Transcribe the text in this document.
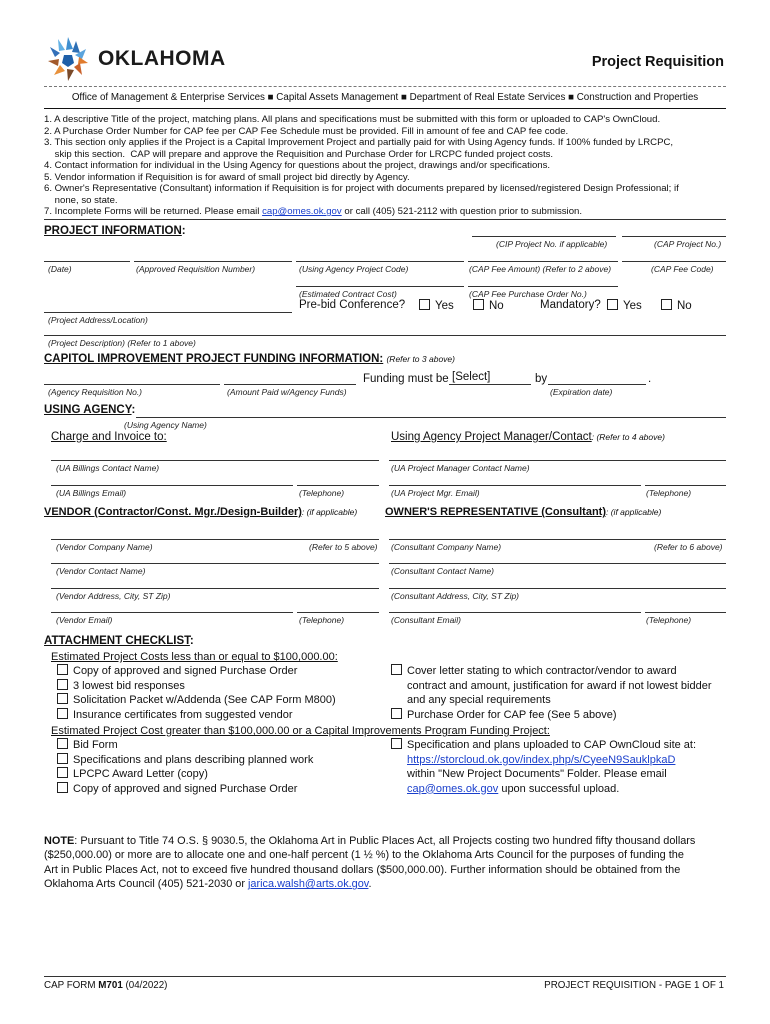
OKLAHOMA	Project Requisition
Office of Management & Enterprise Services ■ Capital Assets Management ■ Department of Real Estate Services ■ Construction and Properties
1. A descriptive Title of the project, matching plans. All plans and specifications must be submitted with this form or uploaded to CAP's OwnCloud.
2. A Purchase Order Number for CAP fee per CAP Fee Schedule must be provided. Fill in amount of fee and CAP fee code.
3. This section only applies if the Project is a Capital Improvement Project and partially paid for with Using Agency funds. If 100% funded by LRCPC,
skip this section.  CAP will prepare and approve the Requisition and Purchase Order for LRCPC funded project costs.
4. Contact information for individual in the Using Agency for questions about the project, drawings and/or specifications.
5. Vendor information if Requisition is for award of small project bid directly by Agency.
6. Owner's Representative (Consultant) information if Requisition is for project with documents prepared by licensed/registered Design Professional; if
none, so state.
7. Incomplete Forms will be returned. Please email cap@omes.ok.gov or call (405) 521-2112 with question prior to submission.
PROJECT INFORMATION:
(CIP Project No. if applicable)	(CAP Project No.)
(Date)	(Approved Requisition Number)	(Using Agency Project Code)	(CAP Fee Amount) (Refer to 2 above)	(CAP Fee Code)
(Estimated Contract Cost)	(CAP Fee Purchase Order No.)
Pre-bid Conference?	Yes	No	Mandatory?	Yes	No
(Project Address/Location)
(Project Description) (Refer to 1 above)
CAPITOL IMPROVEMENT PROJECT FUNDING INFORMATION: (Refer to 3 above)
(Agency Requisition No.)	(Amount Paid w/Agency Funds)
Funding must be [Select]	by	.
(Expiration date)
USING AGENCY:
(Using Agency Name)
Charge and Invoice to:	Using Agency Project Manager/Contact: (Refer to 4 above)
(UA Billings Contact Name)	(UA Project Manager Contact Name)
(UA Billings Email)	(Telephone)	(UA Project Mgr. Email)	(Telephone)
VENDOR (Contractor/Const. Mgr./Design-Builder): (if applicable)	OWNER'S REPRESENTATIVE (Consultant): (if applicable)
(Vendor Company Name)	(Refer to 5 above) (Consultant Company Name)	(Refer to 6 above)
(Vendor Contact Name)	(Consultant Contact Name)
(Vendor Address, City, ST Zip)	(Consultant Address, City, ST Zip)
(Vendor Email)	(Telephone)	(Consultant Email)	(Telephone)
ATTACHMENT CHECKLIST:
Estimated Project Costs less than or equal to $100,000.00:
Copy of approved and signed Purchase Order
3 lowest bid responses
Solicitation Packet w/Addenda (See CAP Form M800)
Insurance certificates from suggested vendor
Cover letter stating to which contractor/vendor to award
contract and amount, justification for award if not lowest bidder
and any special requirements
Purchase Order for CAP fee (See 5 above)
Estimated Project Cost greater than $100,000.00 or a Capital Improvements Program Funding Project:
Bid Form
Specifications and plans describing planned work
LPCPC Award Letter (copy)
Copy of approved and signed Purchase Order
Specification and plans uploaded to CAP OwnCloud site at:
https://storcloud.ok.gov/index.php/s/CyeeN9SauklpkaD
within "New Project Documents" Folder. Please email
cap@omes.ok.gov upon successful upload.
NOTE: Pursuant to Title 74 O.S. § 9030.5, the Oklahoma Art in Public Places Act, all Projects costing two hundred fifty thousand dollars
($250,000.00) or more are to allocate one and one-half percent (1 ½ %) to the Oklahoma Arts Council for the purposes of funding the
Art in Public Places Act, not to exceed five hundred thousand dollars ($500,000.00). Further information should be obtained from the
Oklahoma Arts Council (405) 521-2030 or jarica.walsh@arts.ok.gov.
CAP FORM M701 (04/2022)	PROJECT REQUISITION - PAGE 1 OF 1
